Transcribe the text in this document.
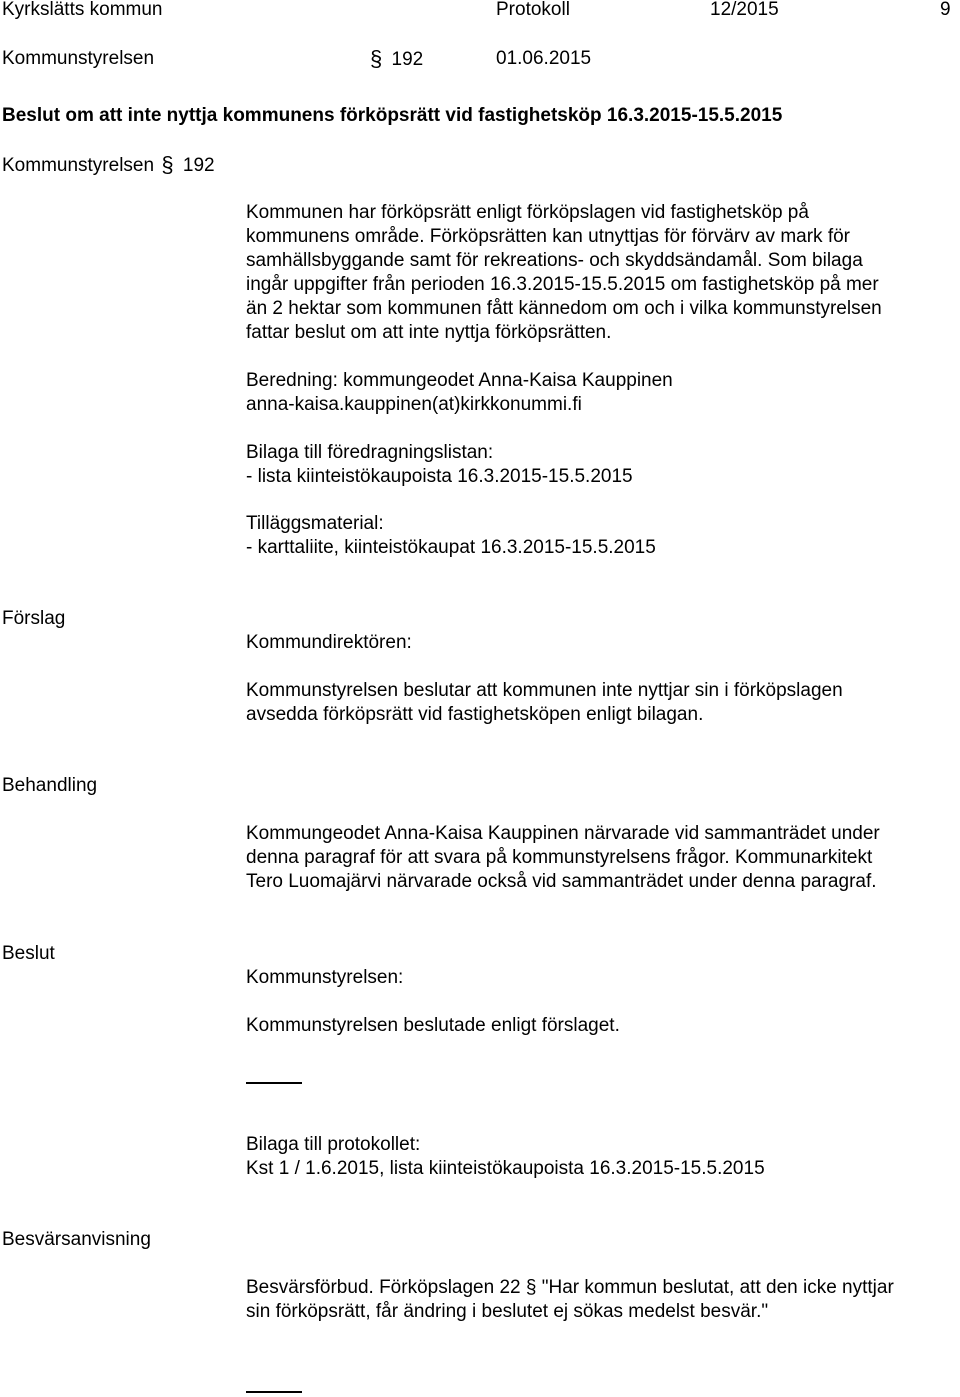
Kyrkslätts kommun	Protokoll	12/2015	9
Kommunstyrelsen	§ 192	01.06.2015
Beslut om att inte nyttja kommunens förköpsrätt vid fastighetsköp 16.3.2015-15.5.2015
Kommunstyrelsen § 192

Kommunen har förköpsrätt enligt förköpslagen vid fastighetsköp på

kommunens område. Förköpsrätten kan utnyttjas för förvärv av mark för

samhällsbyggande samt för rekreations- och skyddsändamål. Som bilaga

ingår uppgifter från perioden 16.3.2015-15.5.2015 om fastighetsköp på mer

än 2 hektar som kommunen fått kännedom om och i vilka kommunstyrelsen

fattar beslut om att inte nyttja förköpsrätten.

Beredning: kommungeodet Anna-Kaisa Kauppinen

anna-kaisa.kauppinen(at)kirkkonummi.fi

Bilaga till föredragningslistan:

- lista kiinteistökaupoista 16.3.2015-15.5.2015

Tilläggsmaterial:

- karttaliite, kiinteistökaupat 16.3.2015-15.5.2015

Förslag

Kommundirektören:

Kommunstyrelsen beslutar att kommunen inte nyttjar sin i förköpslagen

avsedda förköpsrätt vid fastighetsköpen enligt bilagan.

Behandling

Kommungeodet Anna-Kaisa Kauppinen närvarade vid sammanträdet under

denna paragraf för att svara på kommunstyrelsens frågor. Kommunarkitekt

Tero Luomajärvi närvarade också vid sammanträdet under denna paragraf.

Beslut

Kommunstyrelsen:

Kommunstyrelsen beslutade enligt förslaget.

Bilaga till protokollet:

Kst 1 / 1.6.2015, lista kiinteistökaupoista 16.3.2015-15.5.2015

Besvärsanvisning

Besvärsförbud. Förköpslagen 22 § "Har kommun beslutat, att den icke nyttjar

sin förköpsrätt, får ändring i beslutet ej sökas medelst besvär."
